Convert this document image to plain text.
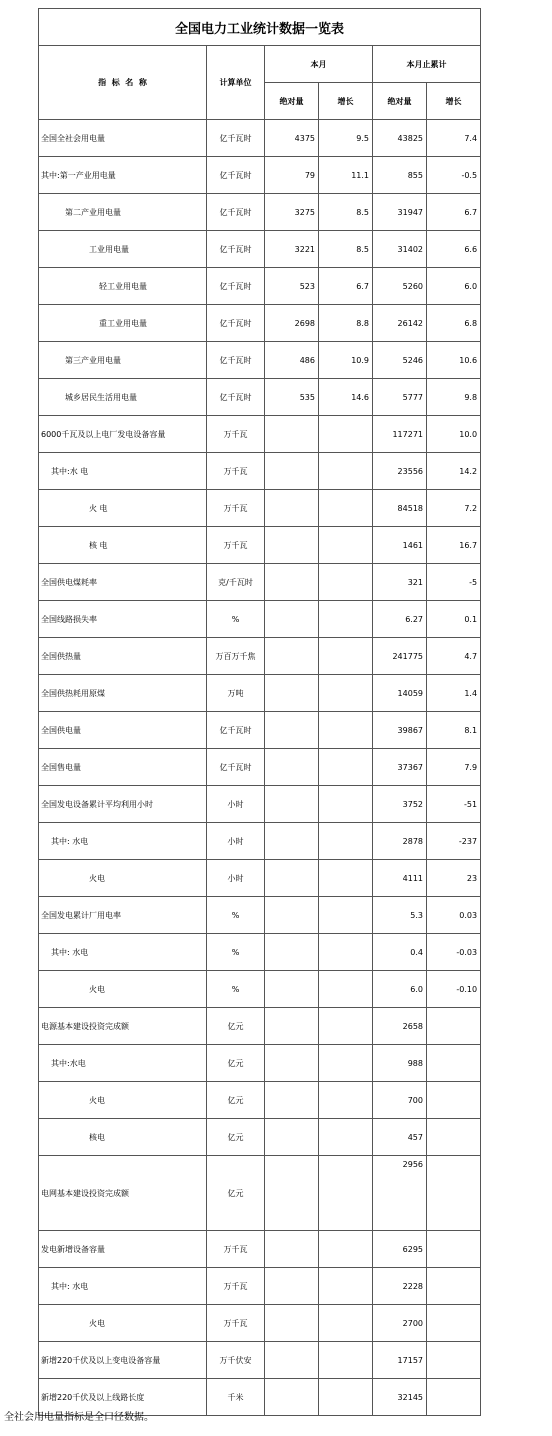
全国电力工业统计数据一览表					
指  标  名  称	计算单位	本月		本月止累计	
		绝对量	增长	绝对量	增长
全国全社会用电量	亿千瓦时	4375	9.5	43825	7.4
其中:第一产业用电量	亿千瓦时	79	11.1	855	-0.5
第二产业用电量	亿千瓦时	3275	8.5	31947	6.7
工业用电量	亿千瓦时	3221	8.5	31402	6.6
轻工业用电量	亿千瓦时	523	6.7	5260	6.0
重工业用电量	亿千瓦时	2698	8.8	26142	6.8
第三产业用电量	亿千瓦时	486	10.9	5246	10.6
城乡居民生活用电量	亿千瓦时	535	14.6	5777	9.8
6000千瓦及以上电厂发电设备容量	万千瓦			117271	10.0
其中:水 电	万千瓦			23556	14.2
火 电	万千瓦			84518	7.2
核 电	万千瓦			1461	16.7
全国供电煤耗率	克/千瓦时			321	-5
全国线路损失率	%			6.27	0.1
全国供热量	万百万千焦			241775	4.7
全国供热耗用原煤	万吨			14059	1.4
全国供电量	亿千瓦时			39867	8.1
全国售电量	亿千瓦时			37367	7.9
全国发电设备累计平均利用小时	小时			3752	-51
其中: 水电	小时			2878	-237
火电	小时			4111	23
全国发电累计厂用电率	%			5.3	0.03
其中: 水电	%			0.4	-0.03
火电	%			6.0	-0.10
电源基本建设投资完成额	亿元			2658	
其中:水电	亿元			988	
火电	亿元			700	
核电	亿元			457	
电网基本建设投资完成额	亿元			2956	
发电新增设备容量	万千瓦			6295	
其中: 水电	万千瓦			2228	
火电	万千瓦			2700	
新增220千伏及以上变电设备容量	万千伏安			17157	
新增220千伏及以上线路长度	千米			32145	
全社会用电量指标是全口径数据。
